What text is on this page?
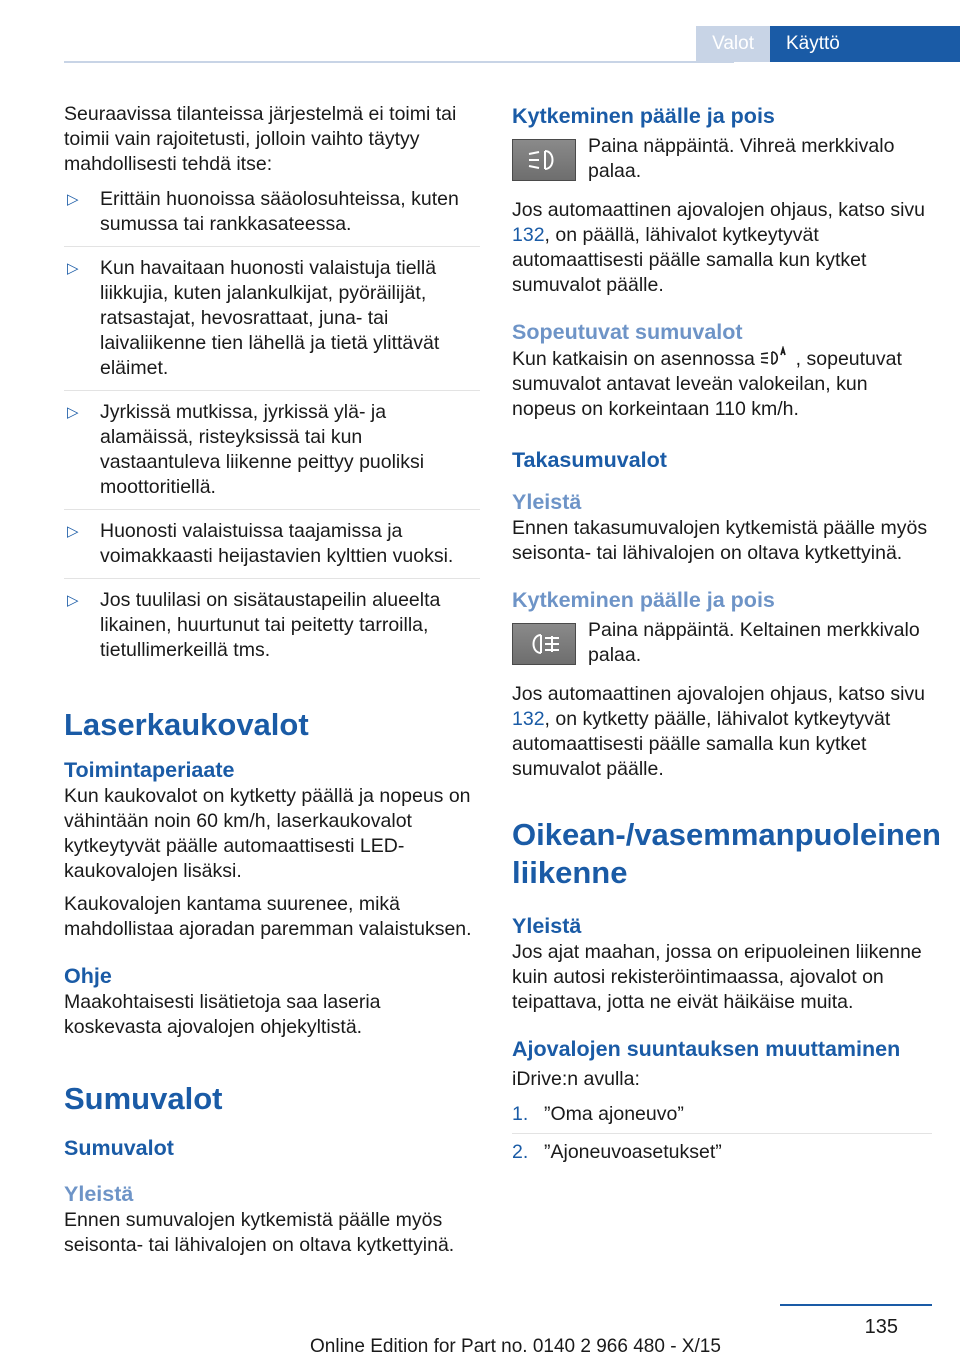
Valot	Käyttö

Seuraavissa tilanteissa järjestelmä ei toimi tai toimii vain rajoitetusti, jolloin vaihto täytyy mahdollisesti tehdä itse:

▷ Erittäin huonoissa sääolosuhteissa, kuten sumussa tai rankkasateessa.
▷ Kun havaitaan huonosti valaistuja tiellä liikkujia, kuten jalankulkijat, pyöräilijät, ratsastajat, hevosrattaat, juna- tai laivaliikenne tien lähellä ja tietä ylittävät eläimet.
▷ Jyrkissä mutkissa, jyrkissä ylä- ja alamäissä, risteyksissä tai kun vastaantuleva liikenne peittyy puoliksi moottoritiellä.
▷ Huonosti valaistuissa taajamissa ja voimakkaasti heijastavien kylttien vuoksi.
▷ Jos tuulilasi on sisätaustapeilin alueelta likainen, huurtunut tai peitetty tarroilla, tietullimerkeillä tms.
Laserkaukovalot
Toimintaperiaate

Kun kaukovalot on kytketty päällä ja nopeus on vähintään noin 60 km/h, laserkaukovalot kytkeytyvät päälle automaattisesti LED-kaukovalojen lisäksi.

Kaukovalojen kantama suurenee, mikä mahdollistaa ajoradan paremman valaistuksen.

Ohje

Maakohtaisesti lisätietoja saa laseria koskevasta ajovalojen ohjekyltistä.

Sumuvalot
Sumuvalot
Yleistä

Ennen sumuvalojen kytkemistä päälle myös seisonta- tai lähivalojen on oltava kytkettyinä.

Kytkeminen päälle ja pois

Paina näppäintä. Vihreä merkkivalo palaa.

Jos automaattinen ajovalojen ohjaus, katso sivu 132, on päällä, lähivalot kytkeytyvät automaattisesti päälle samalla kun kytket sumuvalot päälle.

Sopeutuvat sumuvalot

Kun katkaisin on asennossa  , sopeutuvat sumuvalot antavat leveän valokeilan, kun nopeus on korkeintaan 110 km/h.

Takasumuvalot
Yleistä

Ennen takasumuvalojen kytkemistä päälle myös seisonta- tai lähivalojen on oltava kytkettyinä.

Kytkeminen päälle ja pois

Paina näppäintä. Keltainen merkkivalo palaa.

Jos automaattinen ajovalojen ohjaus, katso sivu 132, on kytketty päälle, lähivalot kytkeytyvät automaattisesti päälle samalla kun kytket sumuvalot päälle.

Oikean-/vasemmanpuoleinen liikenne
Yleistä

Jos ajat maahan, jossa on eripuoleinen liikenne kuin autosi rekisteröintimaassa, ajovalot on teipattava, jotta ne eivät häikäise muita.

Ajovalojen suuntauksen muuttaminen

iDrive:n avulla:

1. ”Oma ajoneuvo”
2. ”Ajoneuvoasetukset”
135
Online Edition for Part no. 0140 2 966 480 - X/15
